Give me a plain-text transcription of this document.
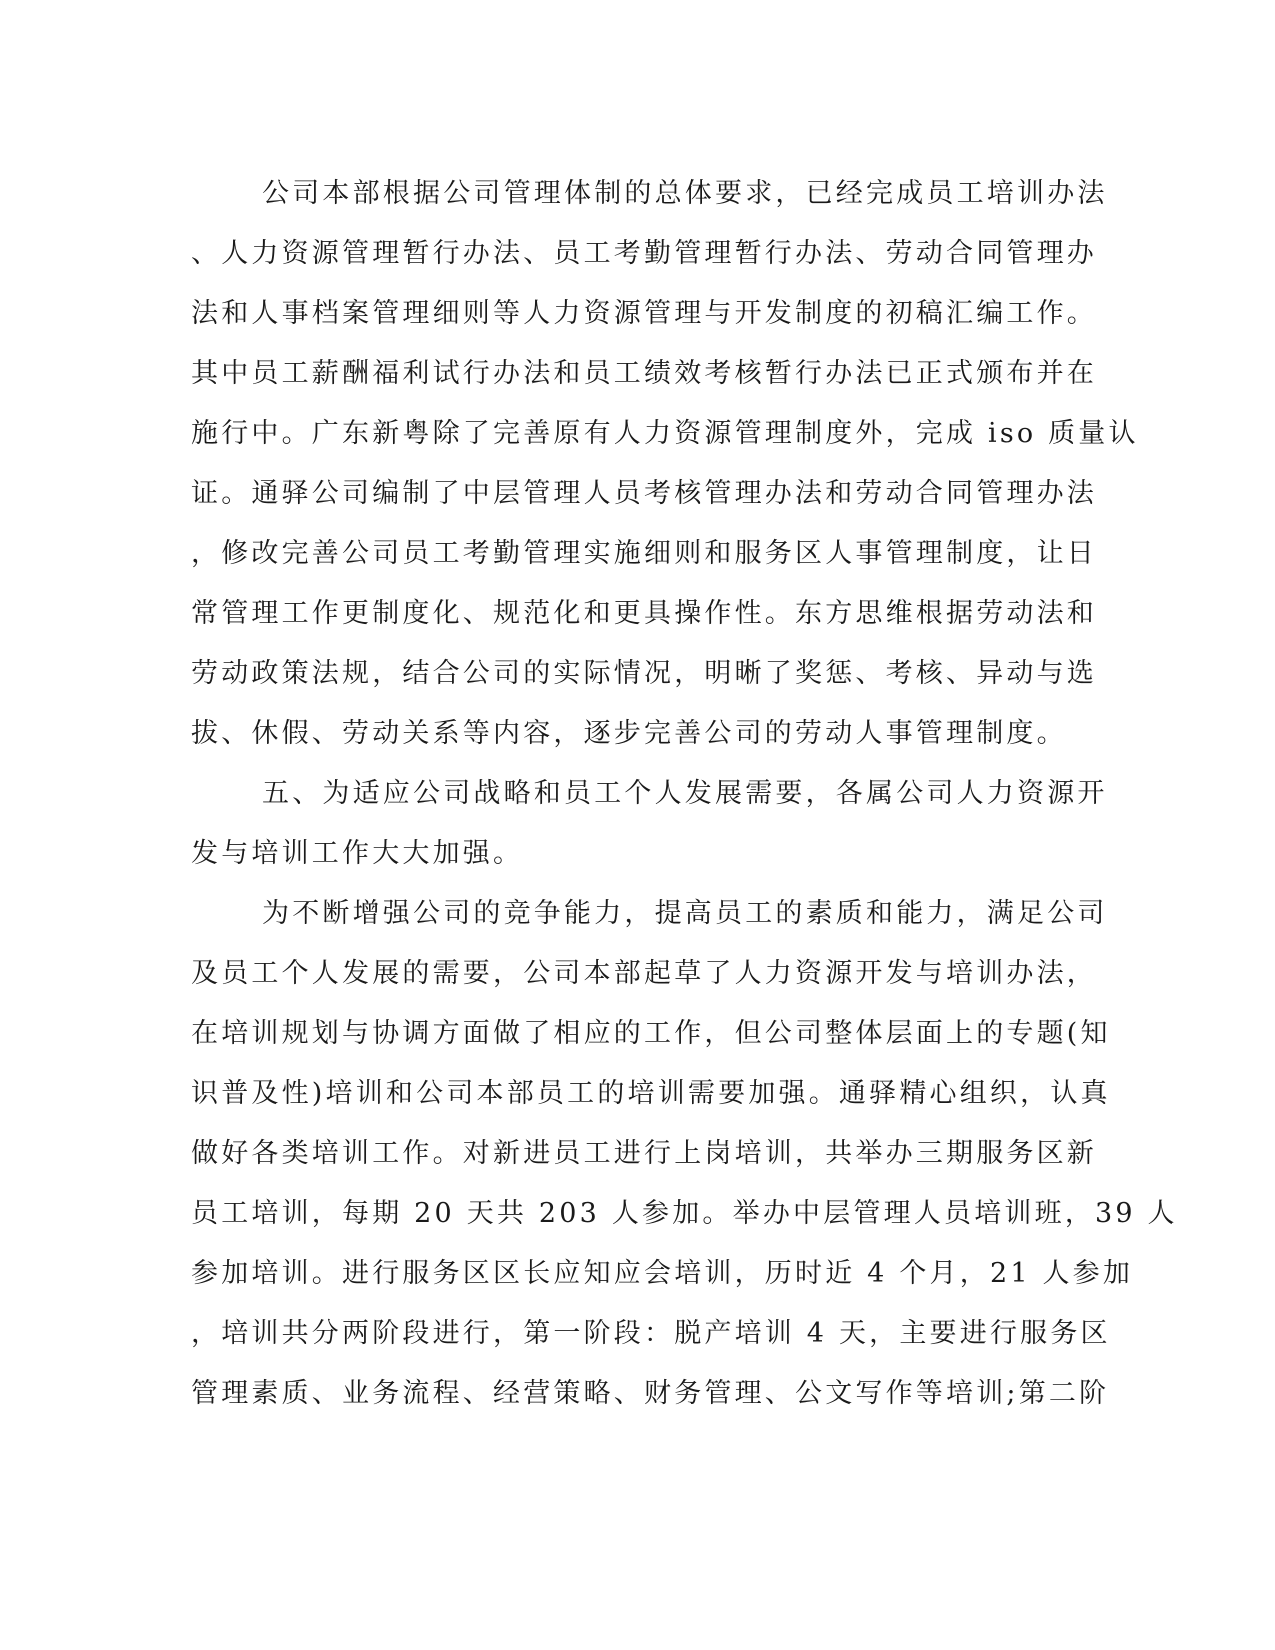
公司本部根据公司管理体制的总体要求，已经完成员工培训办法
、人力资源管理暂行办法、员工考勤管理暂行办法、劳动合同管理办
法和人事档案管理细则等人力资源管理与开发制度的初稿汇编工作。
其中员工薪酬福利试行办法和员工绩效考核暂行办法已正式颁布并在
施行中。广东新粤除了完善原有人力资源管理制度外，完成 iso 质量认
证。通驿公司编制了中层管理人员考核管理办法和劳动合同管理办法
，修改完善公司员工考勤管理实施细则和服务区人事管理制度，让日
常管理工作更制度化、规范化和更具操作性。东方思维根据劳动法和
劳动政策法规，结合公司的实际情况，明晰了奖惩、考核、异动与选
拔、休假、劳动关系等内容，逐步完善公司的劳动人事管理制度。
五、为适应公司战略和员工个人发展需要，各属公司人力资源开
发与培训工作大大加强。
为不断增强公司的竞争能力，提高员工的素质和能力，满足公司
及员工个人发展的需要，公司本部起草了人力资源开发与培训办法，
在培训规划与协调方面做了相应的工作，但公司整体层面上的专题(知
识普及性)培训和公司本部员工的培训需要加强。通驿精心组织，认真
做好各类培训工作。对新进员工进行上岗培训，共举办三期服务区新
员工培训，每期 20 天共 203 人参加。举办中层管理人员培训班，39 人
参加培训。进行服务区区长应知应会培训，历时近 4 个月，21 人参加
，培训共分两阶段进行，第一阶段：脱产培训 4 天，主要进行服务区
管理素质、业务流程、经营策略、财务管理、公文写作等培训;第二阶
